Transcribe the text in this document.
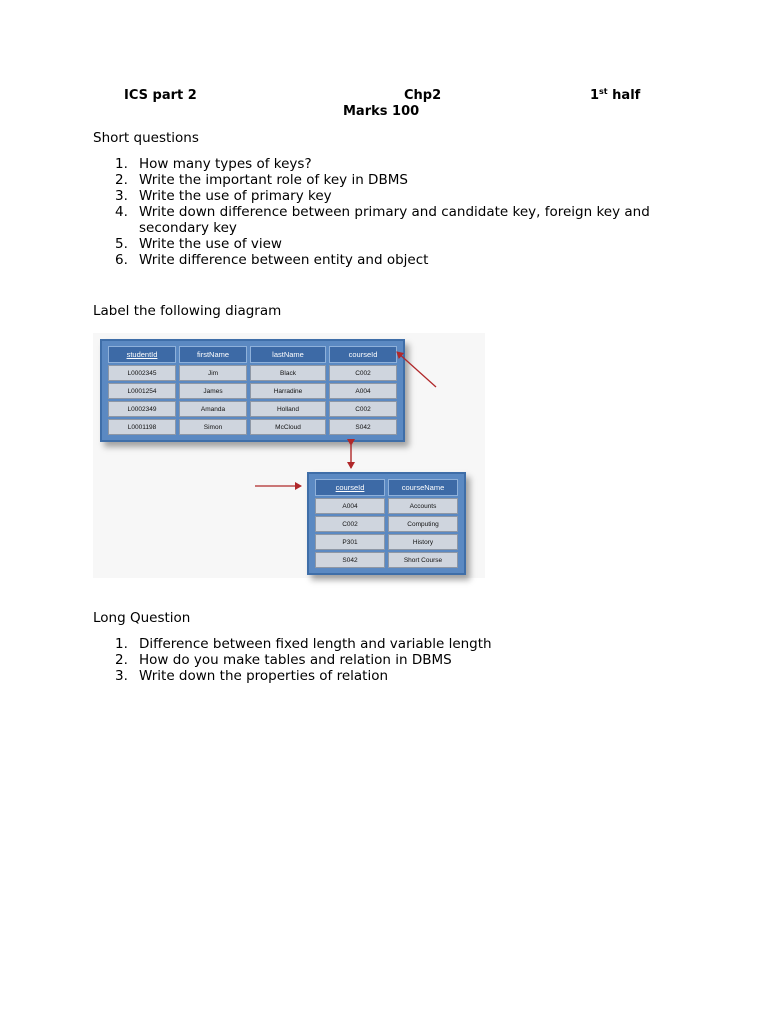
ICS part 2	Chp2	1st half
Marks 100
Short questions
1. How many types of keys?
2. Write the important role of key in DBMS
3. Write the use of primary key
4. Write down difference between primary and candidate key, foreign key and secondary key
5. Write the use of view
6. Write difference between entity and object
Label the following diagram
studentId	firstName	lastName	courseId
L0002345	Jim	Black	C002
L0001254	James	Harradine	A004
L0002349	Amanda	Holland	C002
L0001198	Simon	McCloud	S042
courseId	courseName
A004	Accounts
C002	Computing
P301	History
S042	Short Course
Long Question
1. Difference between fixed length and variable length
2. How do you make tables and relation in DBMS
3. Write down the properties of relation
